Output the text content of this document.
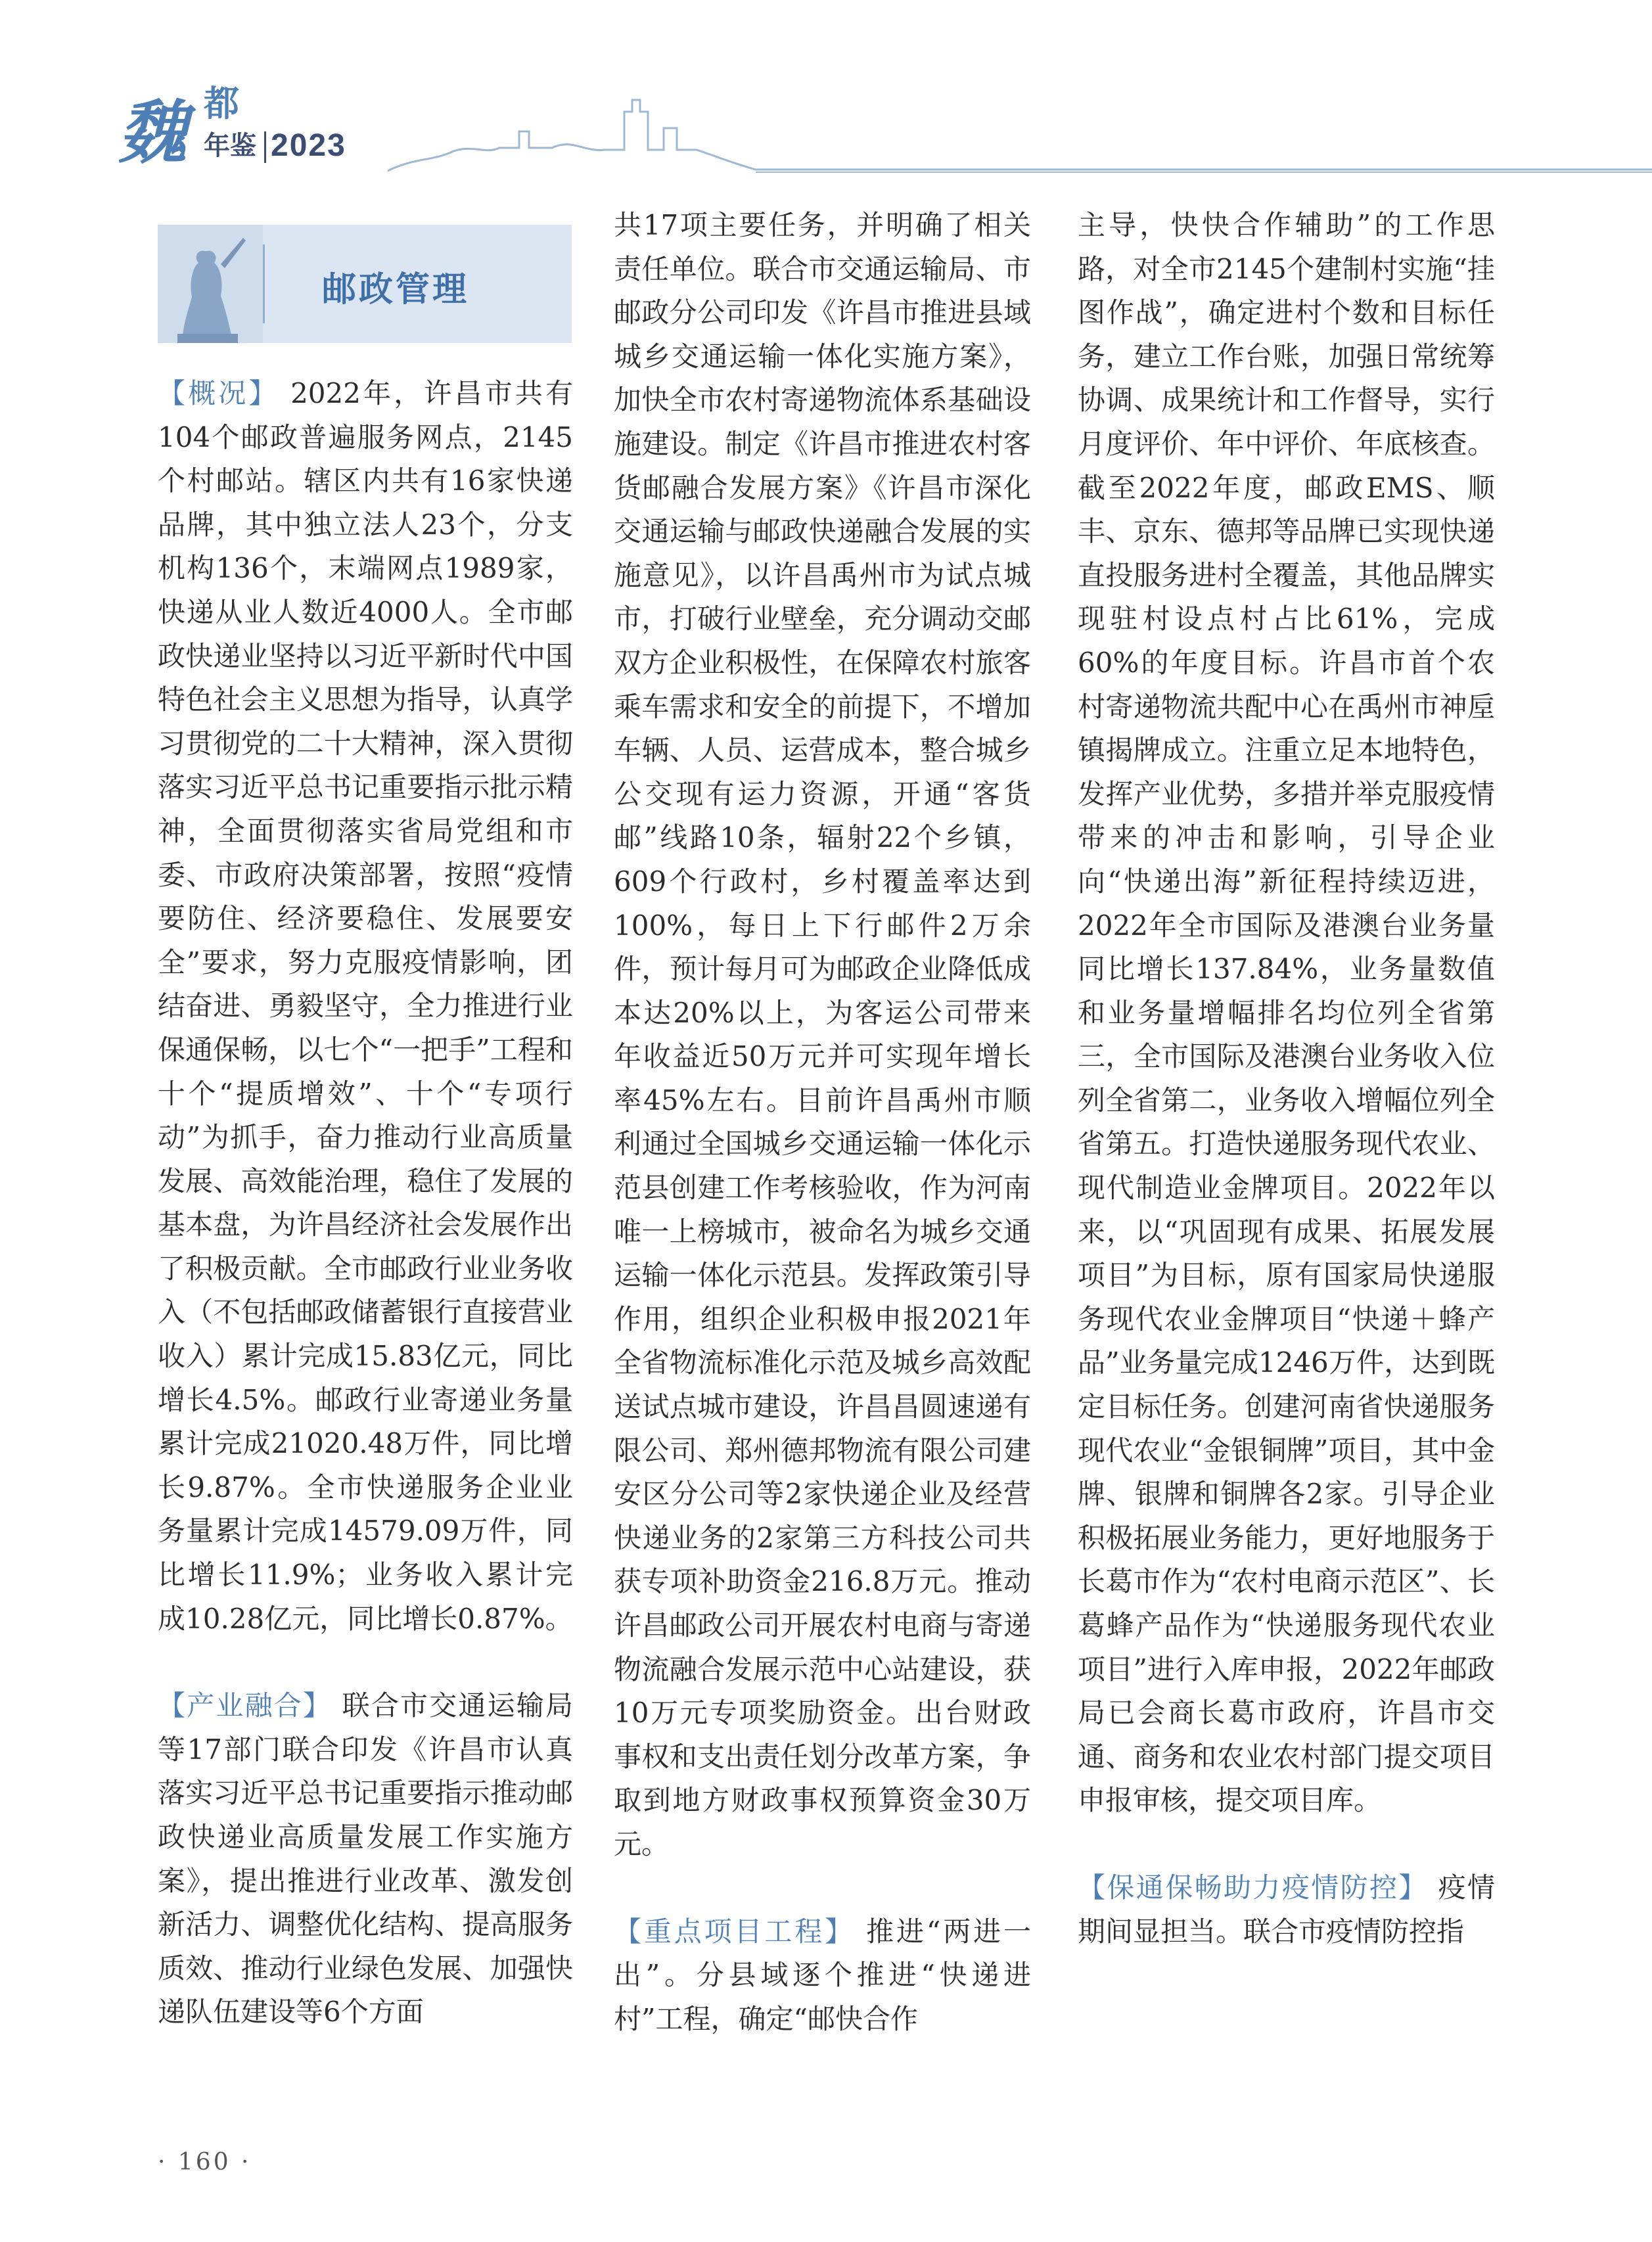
魏 都
年鉴 2023
邮政管理

【概况】 2022年，许昌市共有104个邮政普遍服务网点，2145个村邮站。辖区内共有16家快递品牌，其中独立法人23个，分支机构136个，末端网点1989家，快递从业人数近4000人。全市邮政快递业坚持以习近平新时代中国特色社会主义思想为指导，认真学习贯彻党的二十大精神，深入贯彻落实习近平总书记重要指示批示精神，全面贯彻落实省局党组和市委、市政府决策部署，按照“疫情要防住、经济要稳住、发展要安全”要求，努力克服疫情影响，团结奋进、勇毅坚守，全力推进行业保通保畅，以七个“一把手”工程和十个“提质增效”、十个“专项行动”为抓手，奋力推动行业高质量发展、高效能治理，稳住了发展的基本盘，为许昌经济社会发展作出了积极贡献。全市邮政行业业务收入（不包括邮政储蓄银行直接营业收入）累计完成15.83亿元，同比增长4.5%。邮政行业寄递业务量累计完成21020.48万件，同比增长9.87%。全市快递服务企业业务量累计完成14579.09万件，同比增长11.9%；业务收入累计完成10.28亿元，同比增长0.87%。

【产业融合】 联合市交通运输局等17部门联合印发《许昌市认真落实习近平总书记重要指示推动邮政快递业高质量发展工作实施方案》，提出推进行业改革、激发创新活力、调整优化结构、提高服务质效、推动行业绿色发展、加强快递队伍建设等6个方面

共17项主要任务，并明确了相关责任单位。联合市交通运输局、市邮政分公司印发《许昌市推进县域城乡交通运输一体化实施方案》，加快全市农村寄递物流体系基础设施建设。制定《许昌市推进农村客货邮融合发展方案》《许昌市深化交通运输与邮政快递融合发展的实施意见》，以许昌禹州市为试点城市，打破行业壁垒，充分调动交邮双方企业积极性，在保障农村旅客乘车需求和安全的前提下，不增加车辆、人员、运营成本，整合城乡公交现有运力资源，开通“客货邮”线路10条，辐射22个乡镇，609个行政村，乡村覆盖率达到100%，每日上下行邮件2万余件，预计每月可为邮政企业降低成本达20%以上，为客运公司带来年收益近50万元并可实现年增长率45%左右。目前许昌禹州市顺利通过全国城乡交通运输一体化示范县创建工作考核验收，作为河南唯一上榜城市，被命名为城乡交通运输一体化示范县。发挥政策引导作用，组织企业积极申报2021年全省物流标准化示范及城乡高效配送试点城市建设，许昌昌圆速递有限公司、郑州德邦物流有限公司建安区分公司等2家快递企业及经营快递业务的2家第三方科技公司共获专项补助资金216.8万元。推动许昌邮政公司开展农村电商与寄递物流融合发展示范中心站建设，获10万元专项奖励资金。出台财政事权和支出责任划分改革方案，争取到地方财政事权预算资金30万元。

【重点项目工程】 推进“两进一出”。分县域逐个推进“快递进村”工程，确定“邮快合作

主导，快快合作辅助”的工作思路，对全市2145个建制村实施“挂图作战”，确定进村个数和目标任务，建立工作台账，加强日常统筹协调、成果统计和工作督导，实行月度评价、年中评价、年底核查。截至2022年度，邮政EMS、顺丰、京东、德邦等品牌已实现快递直投服务进村全覆盖，其他品牌实现驻村设点村占比61%，完成60%的年度目标。许昌市首个农村寄递物流共配中心在禹州市神垕镇揭牌成立。注重立足本地特色，发挥产业优势，多措并举克服疫情带来的冲击和影响，引导企业向“快递出海”新征程持续迈进，2022年全市国际及港澳台业务量同比增长137.84%，业务量数值和业务量增幅排名均位列全省第三，全市国际及港澳台业务收入位列全省第二，业务收入增幅位列全省第五。打造快递服务现代农业、现代制造业金牌项目。2022年以来，以“巩固现有成果、拓展发展项目”为目标，原有国家局快递服务现代农业金牌项目“快递＋蜂产品”业务量完成1246万件，达到既定目标任务。创建河南省快递服务现代农业“金银铜牌”项目，其中金牌、银牌和铜牌各2家。引导企业积极拓展业务能力，更好地服务于长葛市作为“农村电商示范区”、长葛蜂产品作为“快递服务现代农业项目”进行入库申报，2022年邮政局已会商长葛市政府，许昌市交通、商务和农业农村部门提交项目申报审核，提交项目库。

【保通保畅助力疫情防控】 疫情期间显担当。联合市疫情防控指

· 160 ·
